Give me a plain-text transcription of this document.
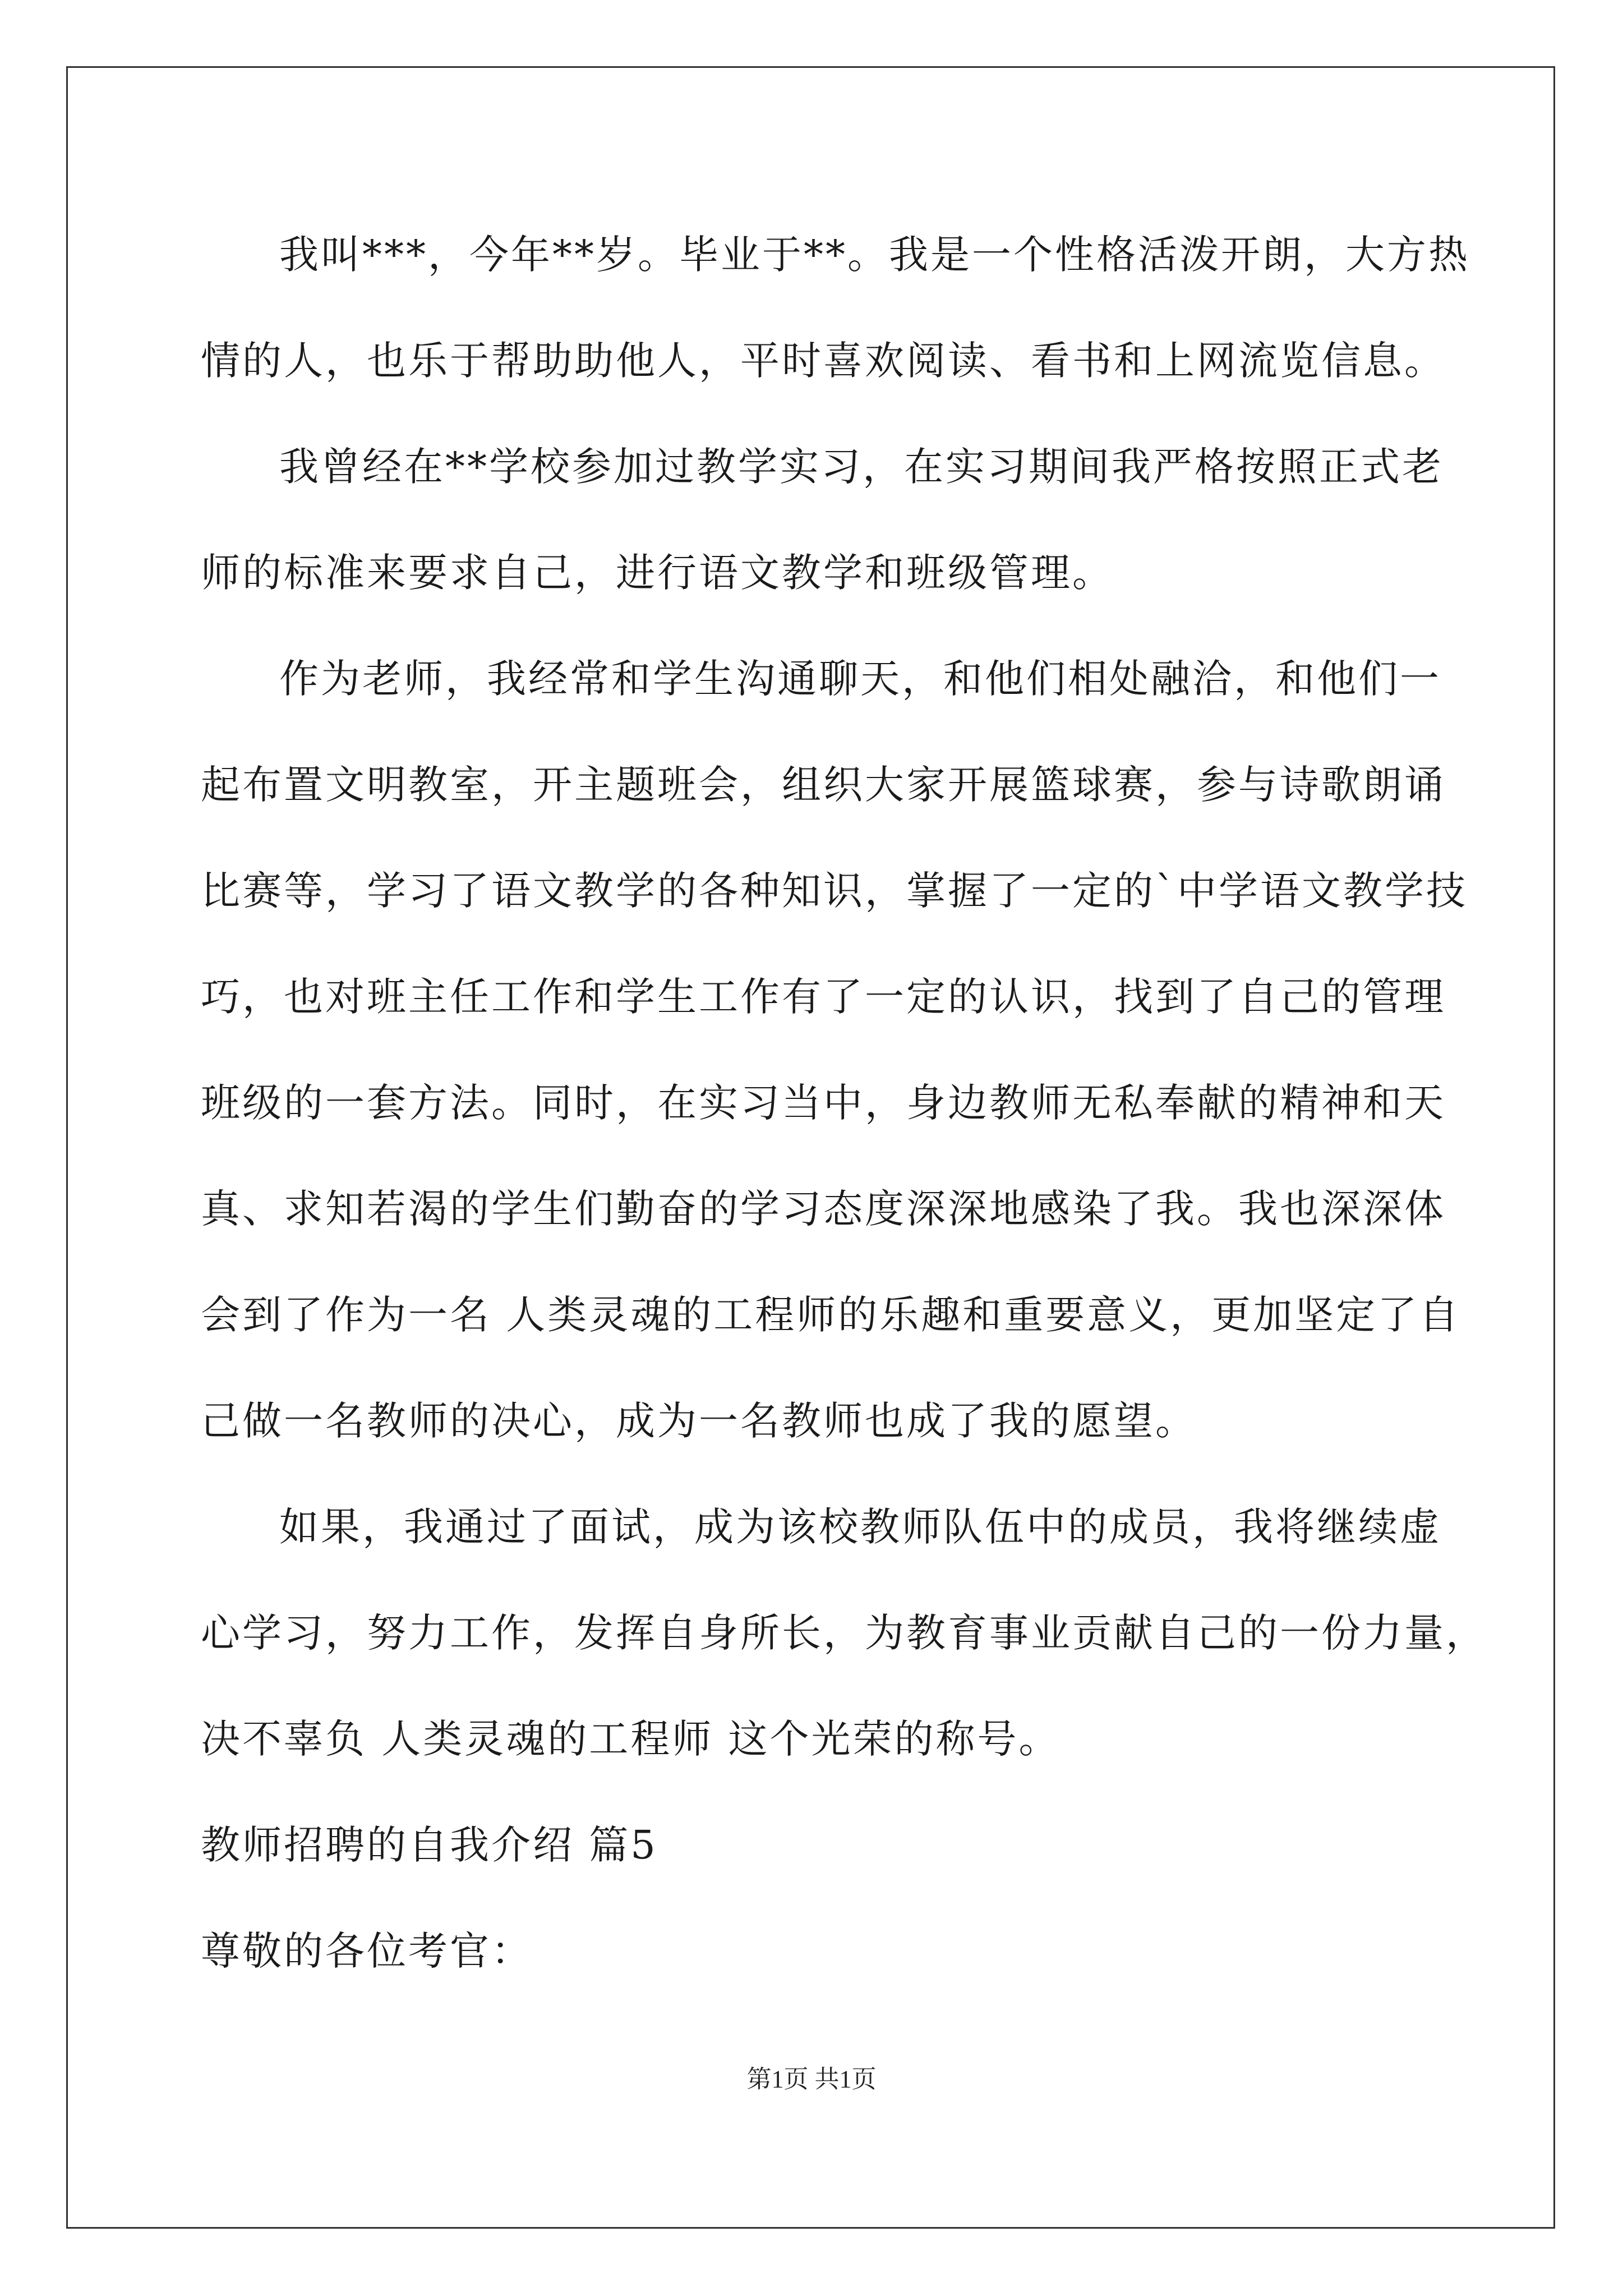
我叫***，今年**岁。毕业于**。我是一个性格活泼开朗，大方热
情的人，也乐于帮助助他人，平时喜欢阅读、看书和上网流览信息。

我曾经在**学校参加过教学实习，在实习期间我严格按照正式老
师的标准来要求自己，进行语文教学和班级管理。

作为老师，我经常和学生沟通聊天，和他们相处融洽，和他们一
起布置文明教室，开主题班会，组织大家开展篮球赛，参与诗歌朗诵
比赛等，学习了语文教学的各种知识，掌握了一定的`中学语文教学技
巧，也对班主任工作和学生工作有了一定的认识，找到了自己的管理
班级的一套方法。同时，在实习当中，身边教师无私奉献的精神和天
真、求知若渴的学生们勤奋的学习态度深深地感染了我。我也深深体
会到了作为一名 人类灵魂的工程师的乐趣和重要意义，更加坚定了自
己做一名教师的决心，成为一名教师也成了我的愿望。

如果，我通过了面试，成为该校教师队伍中的成员，我将继续虚
心学习，努力工作，发挥自身所长，为教育事业贡献自己的一份力量，
决不辜负 人类灵魂的工程师 这个光荣的称号。

教师招聘的自我介绍 篇5

尊敬的各位考官：

第1页 共1页
